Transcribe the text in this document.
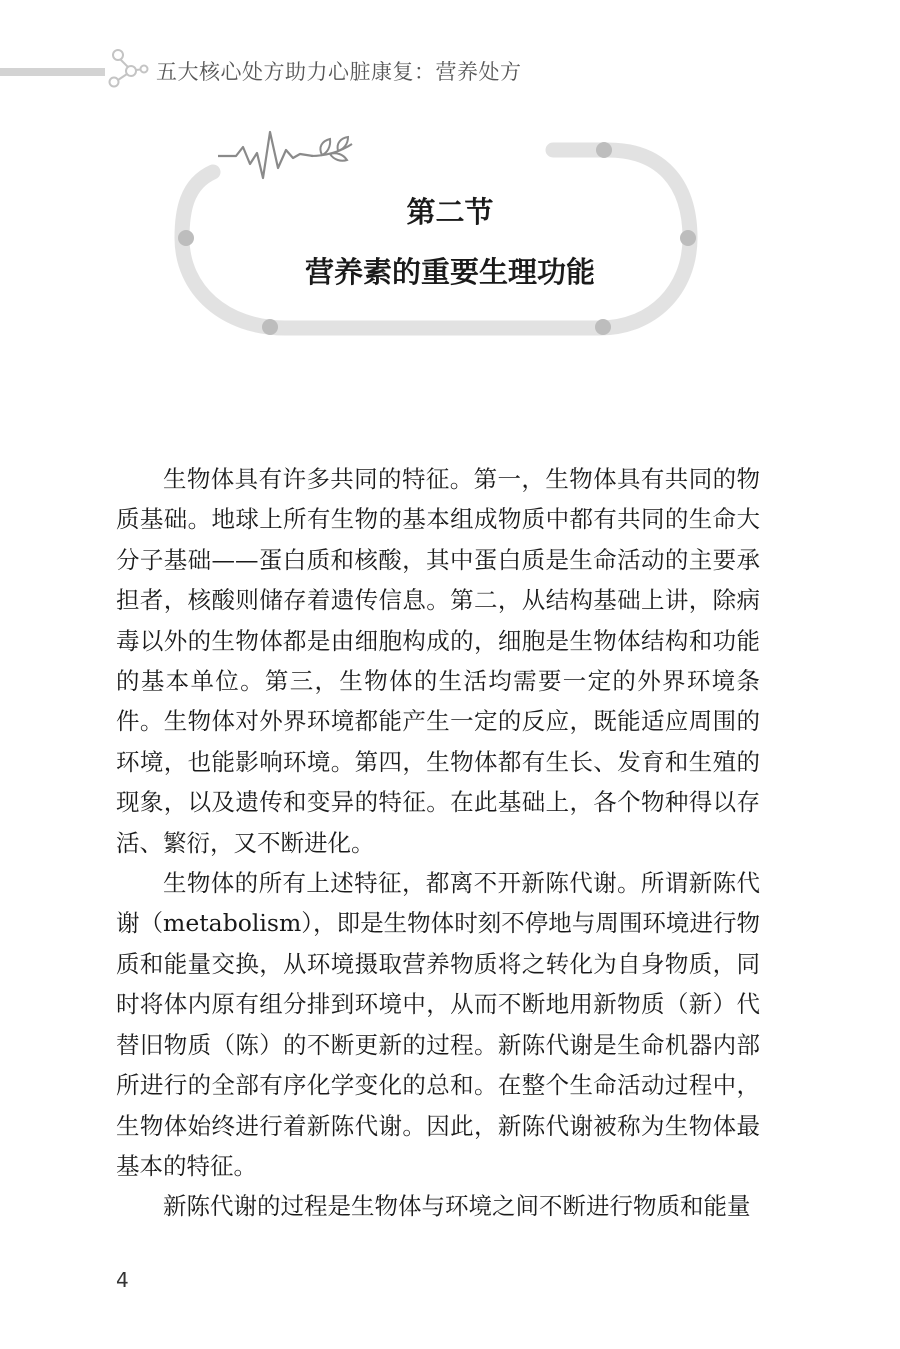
五大核心处方助力心脏康复：营养处方
第二节
营养素的重要生理功能

生物体具有许多共同的特征。第一，生物体具有共同的物质基础。地球上所有生物的基本组成物质中都有共同的生命大分子基础——蛋白质和核酸，其中蛋白质是生命活动的主要承担者，核酸则储存着遗传信息。第二，从结构基础上讲，除病毒以外的生物体都是由细胞构成的，细胞是生物体结构和功能的基本单位。第三，生物体的生活均需要一定的外界环境条件。生物体对外界环境都能产生一定的反应，既能适应周围的环境，也能影响环境。第四，生物体都有生长、发育和生殖的现象，以及遗传和变异的特征。在此基础上，各个物种得以存活、繁衍，又不断进化。

生物体的所有上述特征，都离不开新陈代谢。所谓新陈代谢（metabolism），即是生物体时刻不停地与周围环境进行物质和能量交换，从环境摄取营养物质将之转化为自身物质，同时将体内原有组分排到环境中，从而不断地用新物质（新）代替旧物质（陈）的不断更新的过程。新陈代谢是生命机器内部所进行的全部有序化学变化的总和。在整个生命活动过程中，生物体始终进行着新陈代谢。因此，新陈代谢被称为生物体最基本的特征。

新陈代谢的过程是生物体与环境之间不断进行物质和能量

4
